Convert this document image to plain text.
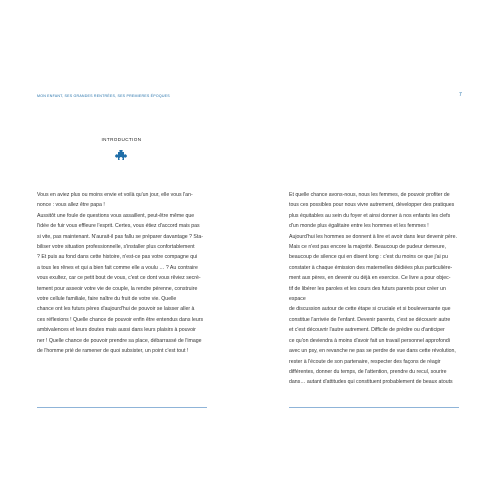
MON ENFANT, SES GRANDES RENTRÉES, SES PREMIERES ÉPOQUES	7
INTRODUCTION

Vous en aviez plus ou moins envie et voilà qu'un jour, elle vous l'an-

nonce : vous allez être papa !

Aussitôt une foule de questions vous assaillent, peut-être même que

l'idée de fuir vous effleure l'esprit. Certes, vous étiez d'accord mais pas

si vite, pas maintenant. N'aurait-il pas fallu se préparer davantage ? Sta-

biliser votre situation professionnelle, s'installer plus confortablement

? Et puis au fond dans cette histoire, n'est-ce pas votre compagne qui

a tous les rênes et qui a bien fait comme elle a voulu … ? Au contraire

vous exultez, car ce petit bout de vous, c'est ce dont vous rêviez secrè-

tement pour asseoir votre vie de couple, la rendre pérenne, construire

votre cellule familiale, faire naître du fruit de votre vie. Quelle

chance ont les futurs pères d'aujourd'hui de pouvoir se laisser aller à

ces réflexions ! Quelle chance de pouvoir enfin être entendus dans leurs

ambivalences et leurs doutes mais aussi dans leurs plaisirs à pouvoir

ner ! Quelle chance de pouvoir prendre sa place, débarrassé de l'image

de l'homme prié de ramener de quoi subsister, un point c'est tout !

Et quelle chance avons-nous, nous les femmes, de pouvoir profiter de

tous ces possibles pour nous vivre autrement, développer des pratiques

plus équitables au sein du foyer et ainsi donner à nos enfants les clefs

d'un monde plus égalitaire entre les hommes et les femmes !

Aujourd'hui les hommes se donnent à lire et avoir dans leur devenir père.

Mais ce n'est pas encore la majorité. Beaucoup de pudeur demeure,

beaucoup de silence qui en disent long : c'est du moins ce que j'ai pu

constater à chaque émission des maternelles dédiées plus particulière-

ment aux pères, en devenir ou déjà en exercice. Ce livre a pour objec-

tif de libérer les paroles et les cours des futurs parents pour créer un espace

de discussion autour de cette étape si cruciale et si bouleversante que

constitue l'arrivée de l'enfant. Devenir parents, c'est se découvrir autre

et c'est découvrir l'autre autrement. Difficile de prédire ou d'anticiper

ce qu'on deviendra à moins d'avoir fait un travail personnel approfondi

avec un psy, en revanche ne pas se perdre de vue dans cette révolution,

rester à l'écoute de son partenaire, respecter des façons de réagir

différentes, donner du temps, de l'attention, prendre du recul, sourire

dans… autant d'attitudes qui constituent probablement de beaux atouts
